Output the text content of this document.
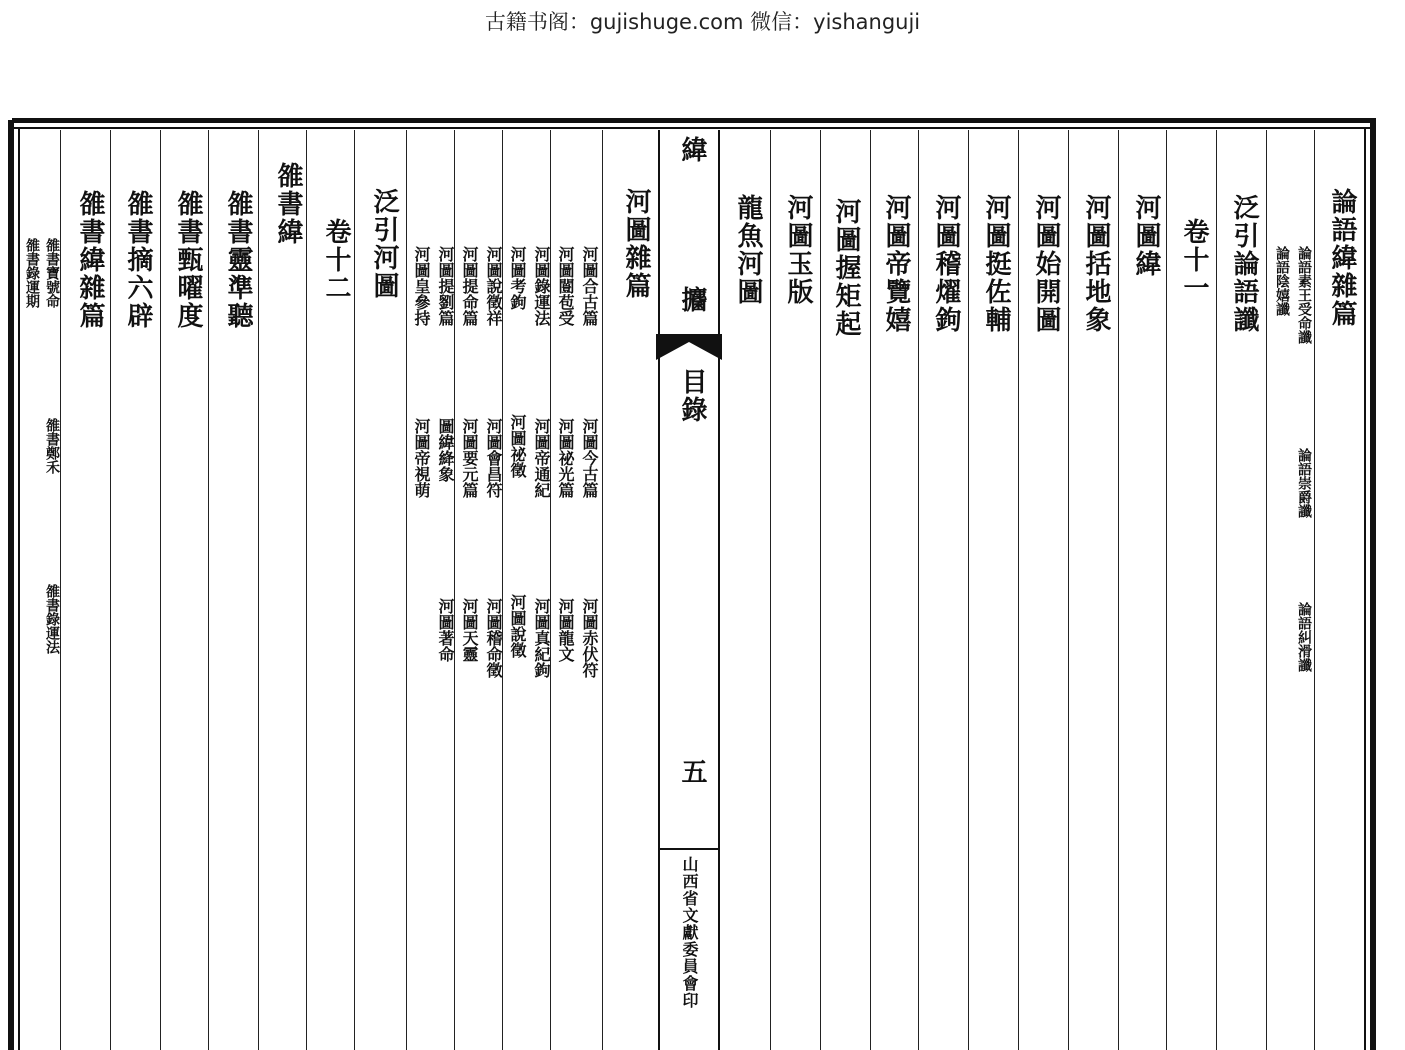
古籍书阁：gujishuge.com 微信：yishanguji
緯
攟
目錄
五
山西省文獻委員會印
論語緯雜篇
論語素王受命讖
論語陰嬉讖
論語崇爵讖
論語糾滑讖
泛引論語讖
卷十一
河圖緯
河圖括地象
河圖始開圖
河圖挺佐輔
河圖稽燿鉤
河圖帝覽嬉
河圖握矩起
河圖玉版
龍魚河圖
河圖雜篇
河圖合古篇
河圖今古篇
河圖赤伏符
河圖闓苞受
河圖祕光篇
河圖龍文
河圖錄運法
河圖帝通紀
河圖真紀鉤
河圖考鉤
河圖祕徵
河圖說徵
河圖說徵祥
河圖會昌符
河圖稽命徵
河圖提命篇
河圖要元篇
河圖天靈
河圖提劉篇
圖緯絳象
河圖著命
河圖皇參持
河圖帝視萌
泛引河圖
卷十二
雒書緯
雒書靈準聽
雒書甄曜度
雒書摘六辟
雒書緯雜篇
雒書寶號命
雒書鄭禾
雒書錄運法
雒書錄運期
